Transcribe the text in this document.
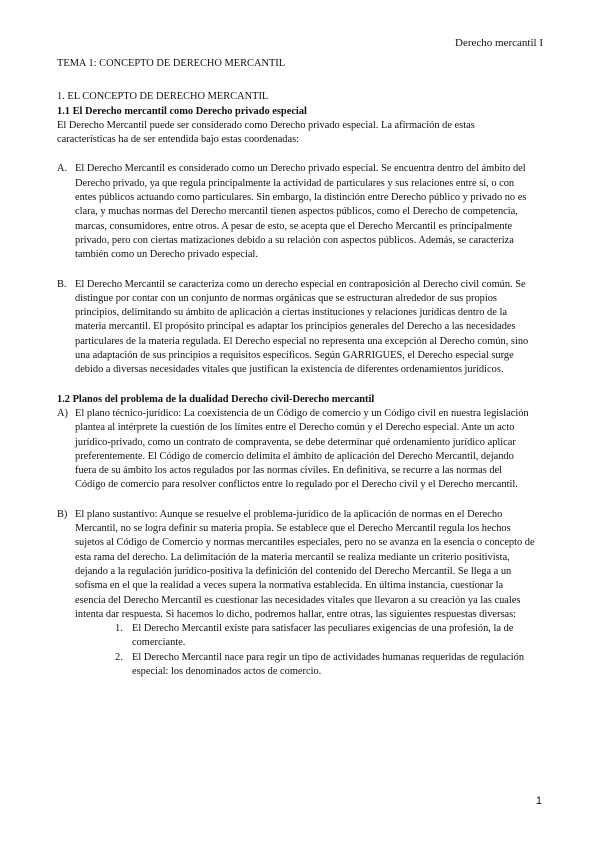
Derecho mercantil I

TEMA 1: CONCEPTO DE DERECHO MERCANTIL

1. EL CONCEPTO DE DERECHO MERCANTIL

1.1 El Derecho mercantil como Derecho privado especial

El Derecho Mercantil puede ser considerado como Derecho privado especial. La afirmación de estas características ha de ser entendida bajo estas coordenadas:

A. El Derecho Mercantil es considerado como un Derecho privado especial. Se encuentra dentro del ámbito del Derecho privado, ya que regula principalmente la actividad de particulares y sus relaciones entre sí, o con entes públicos actuando como particulares. Sin embargo, la distinción entre Derecho público y privado no es clara, y muchas normas del Derecho mercantil tienen aspectos públicos, como el Derecho de competencia, marcas, consumidores, entre otros. A pesar de esto, se acepta que el Derecho Mercantil es principalmente privado, pero con ciertas matizaciones debido a su relación con aspectos públicos. Además, se caracteriza también como un Derecho privado especial.
B. El Derecho Mercantil se caracteriza como un derecho especial en contraposición al Derecho civil común. Se distingue por contar con un conjunto de normas orgánicas que se estructuran alrededor de sus propios principios, delimitando su ámbito de aplicación a ciertas instituciones y relaciones jurídicas dentro de la materia mercantil. El propósito principal es adaptar los principios generales del Derecho a las necesidades particulares de la materia regulada. El Derecho especial no representa una excepción al Derecho común, sino una adaptación de sus principios a requisitos específicos. Según GARRIGUES, el Derecho especial surge debido a diversas necesidades vitales que justifican la existencia de diferentes ordenamientos jurídicos.

1.2 Planos del problema de la dualidad Derecho civil-Derecho mercantil

A) El plano técnico-jurídico: La coexistencia de un Código de comercio y un Código civil en nuestra legislación plantea al intérprete la cuestión de los límites entre el Derecho común y el Derecho especial. Ante un acto jurídico-privado, como un contrato de compraventa, se debe determinar qué ordenamiento jurídico aplicar preferentemente. El Código de comercio delimita el ámbito de aplicación del Derecho Mercantil, dejando fuera de su ámbito los actos regulados por las normas civiles. En definitiva, se recurre a las normas del Código de comercio para resolver conflictos entre lo regulado por el Derecho civil y el Derecho mercantil.
B) El plano sustantivo: Aunque se resuelve el problema-jurídico de la aplicación de normas en el Derecho Mercantil, no se logra definir su materia propia. Se establece que el Derecho Mercantil regula los hechos sujetos al Código de Comercio y normas mercantiles especiales, pero no se avanza en la esencia o concepto de esta rama del derecho. La delimitación de la materia mercantil se realiza mediante un criterio positivista, dejando a la regulación jurídico-positiva la definición del contenido del Derecho Mercantil. Se llega a un sofisma en el que la realidad a veces supera la normativa establecida. En última instancia, cuestionar la esencia del Derecho Mercantil es cuestionar las necesidades vitales que llevaron a su creación ya las cuales intenta dar respuesta. Si hacemos lo dicho, podremos hallar, entre otras, las siguientes respuestas diversas:
1. El Derecho Mercantil existe para satisfacer las peculiares exigencias de una profesión, la de comerciante.
2. El Derecho Mercantil nace para regir un tipo de actividades humanas requeridas de regulación especial: los denominados actos de comercio.
1
